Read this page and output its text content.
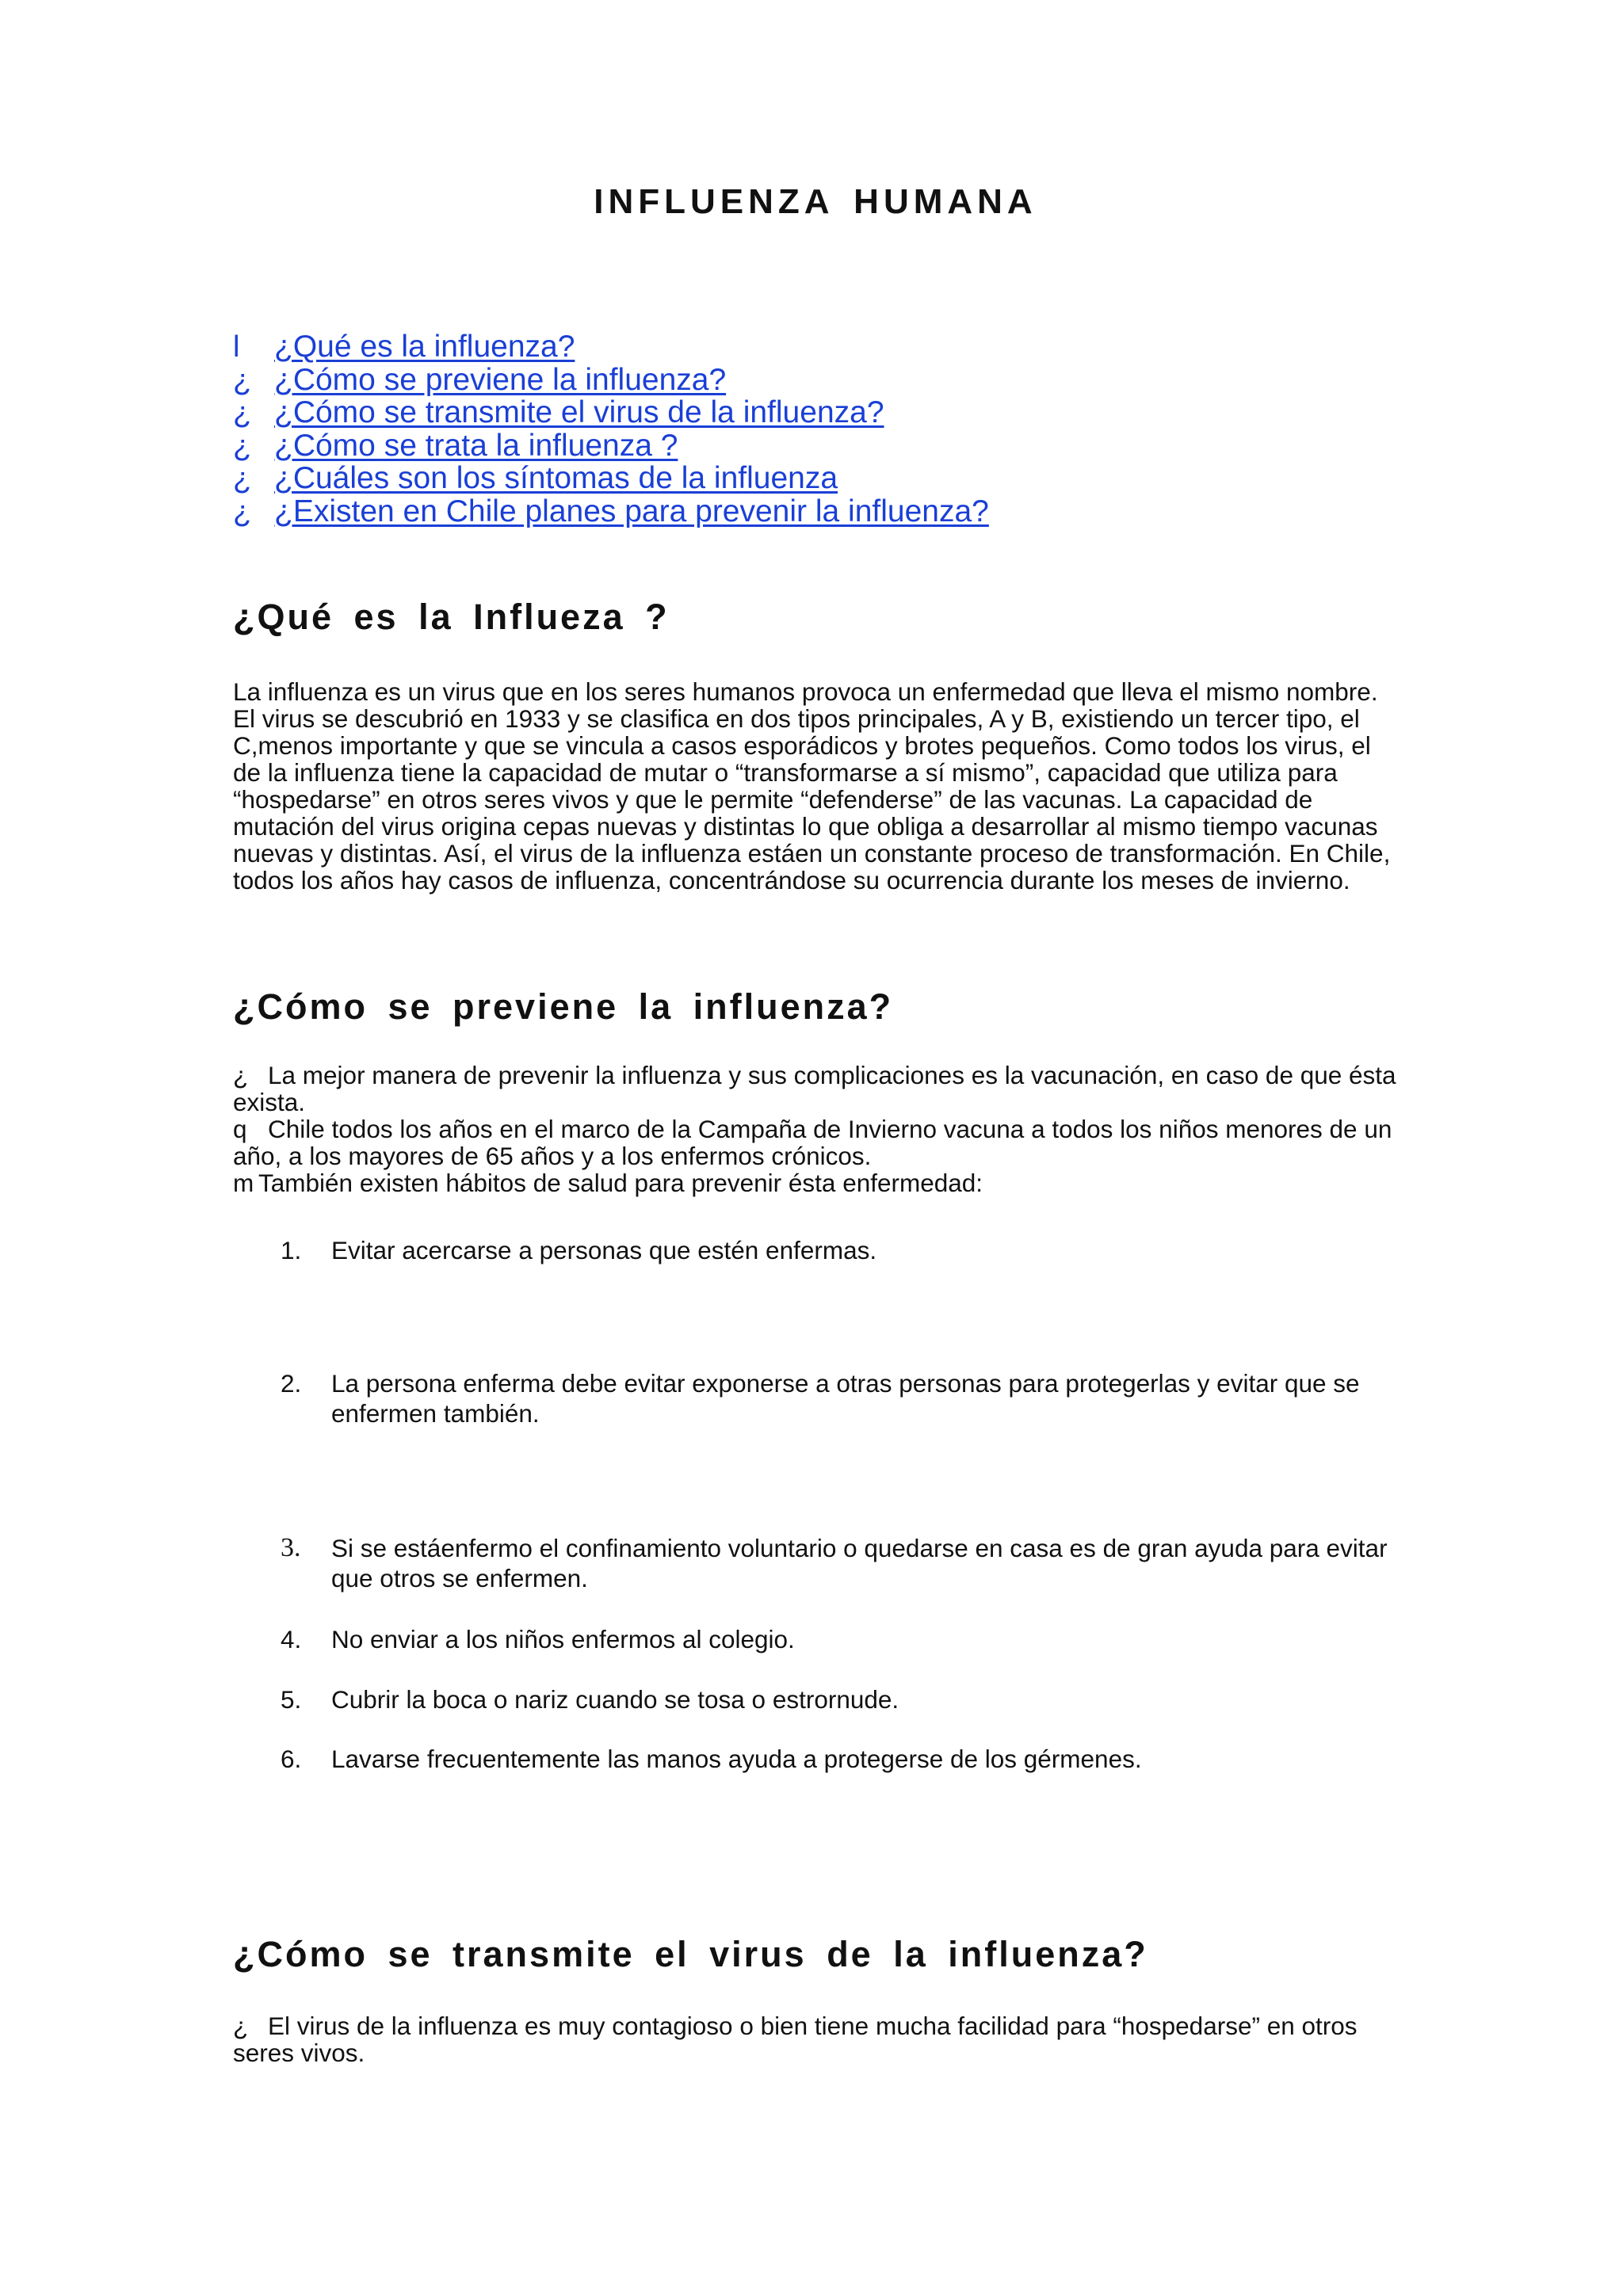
INFLUENZA HUMANA
l	¿Qué es la influenza?
¿ ¿Cómo se previene la influenza?
¿ ¿Cómo se transmite el virus de la influenza?
¿ ¿Cómo se trata la influenza ?
¿ ¿Cuáles son los síntomas de la influenza
¿ ¿Existen en Chile planes para prevenir la influenza?
¿Qué es la Influeza ?

La influenza es un virus que en los seres humanos provoca un enfermedad que lleva el mismo nombre. El virus se descubrió en 1933 y se clasifica en dos tipos principales, A y B, existiendo un tercer tipo, el C,menos importante y que se vincula a casos esporádicos y brotes pequeños. Como todos los virus, el de la influenza tiene la capacidad de mutar o “transformarse a sí mismo”, capacidad que utiliza para “hospedarse” en otros seres vivos y que le permite “defenderse” de las vacunas. La capacidad de mutación del virus origina cepas nuevas y distintas lo que obliga a desarrollar al mismo tiempo vacunas nuevas y distintas. Así, el virus de la influenza estáen un constante proceso de transformación. En Chile, todos los años hay casos de influenza, concentrándose su ocurrencia durante los meses de invierno.

¿Cómo se previene la influenza?

¿ La mejor manera de prevenir la influenza y sus complicaciones es la vacunación, en caso de que ésta exista.

q Chile todos los años en el marco de la Campaña de Invierno vacuna a todos los niños menores de un año, a los mayores de 65 años y a los enfermos crónicos.

m También existen hábitos de salud para prevenir ésta enfermedad:

1.	Evitar acercarse a personas que estén enfermas.
2.	La persona enferma debe evitar exponerse a otras personas para protegerlas y evitar que se enfermen también.
3.	Si se estáenfermo el confinamiento voluntario o quedarse en casa es de gran ayuda para evitar que otros se enfermen.
4.	No enviar a los niños enfermos al colegio.
5.	Cubrir la boca o nariz cuando se tosa o estrornude.
6.	Lavarse frecuentemente las manos ayuda a protegerse de los gérmenes.
¿Cómo se transmite el virus de la influenza?

¿ El virus de la influenza es muy contagioso o bien tiene mucha facilidad para “hospedarse” en otros seres vivos.
